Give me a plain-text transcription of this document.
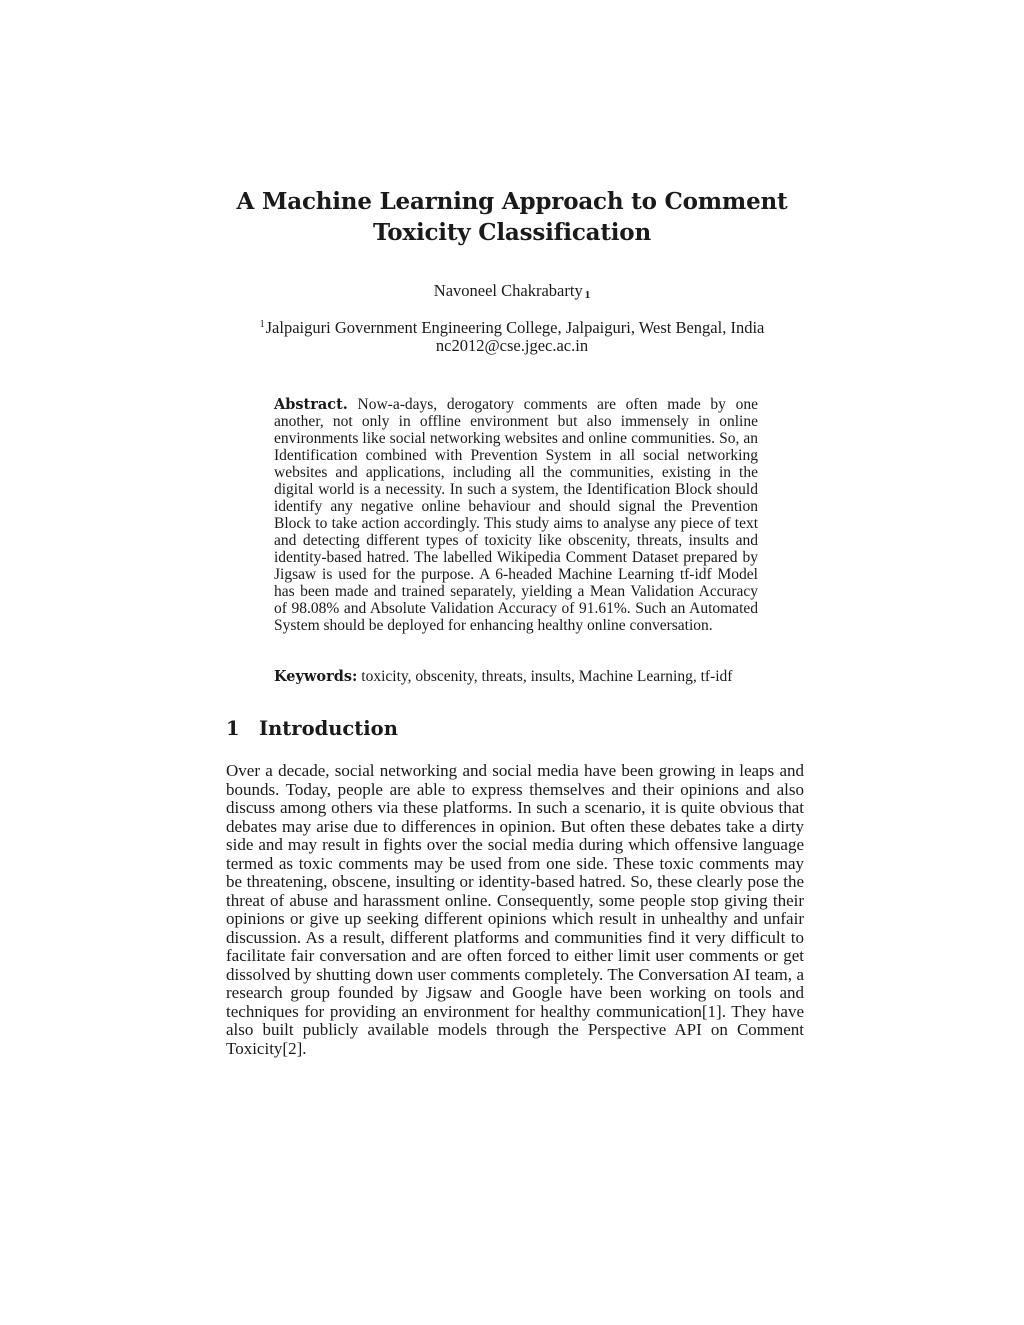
A Machine Learning Approach to Comment
Toxicity Classification
Navoneel Chakrabarty $^1$
$^1$Jalpaiguri Government Engineering College, Jalpaiguri, West Bengal, India
nc2012@cse.jgec.ac.in

Abstract. Now-a-days, derogatory comments are often made by one another, not only in offline environment but also immensely in online environments like social networking websites and online communities. So, an Identification combined with Prevention System in all social networking websites and applications, including all the communities, existing in the digital world is a necessity. In such a system, the Identification Block should identify any negative online behaviour and should signal the Prevention Block to take action accordingly. This study aims to analyse any piece of text and detecting different types of toxicity like obscenity, threats, insults and identity-based hatred. The labelled Wikipedia Comment Dataset prepared by Jigsaw is used for the purpose. A 6-headed Machine Learning tf-idf Model has been made and trained separately, yielding a Mean Validation Accuracy of 98.08% and Absolute Validation Accuracy of 91.61%. Such an Automated System should be deployed for enhancing healthy online conversation.

Keywords: toxicity, obscenity, threats, insults, Machine Learning, tf-idf

1 Introduction

Over a decade, social networking and social media have been growing in leaps and bounds. Today, people are able to express themselves and their opinions and also discuss among others via these platforms. In such a scenario, it is quite obvious that debates may arise due to differences in opinion. But often these debates take a dirty side and may result in fights over the social media during which offensive language termed as toxic comments may be used from one side. These toxic comments may be threatening, obscene, insulting or identity-based hatred. So, these clearly pose the threat of abuse and harassment online. Consequently, some people stop giving their opinions or give up seeking different opinions which result in unhealthy and unfair discussion. As a result, different platforms and communities find it very difficult to facilitate fair conversation and are often forced to either limit user comments or get dissolved by shutting down user comments completely. The Conversation AI team, a research group founded by Jigsaw and Google have been working on tools and techniques for providing an environment for healthy communication[1]. They have also built publicly available models through the Perspective API on Comment Toxicity[2].
